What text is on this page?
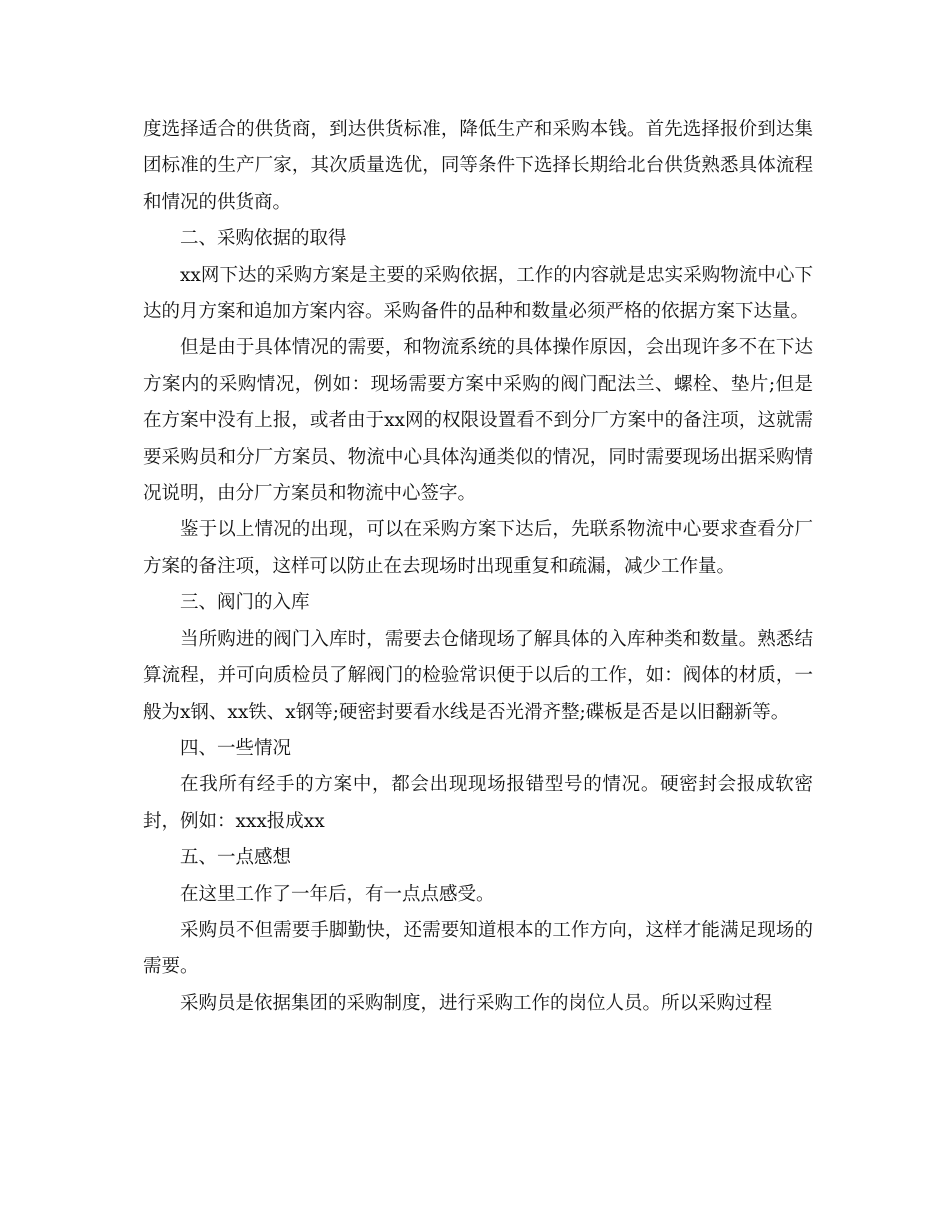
度选择适合的供货商，到达供货标准，降低生产和采购本钱。首先选择报价到达集团标准的生产厂家，其次质量选优，同等条件下选择长期给北台供货熟悉具体流程和情况的供货商。

二、采购依据的取得

xx网下达的采购方案是主要的采购依据，工作的内容就是忠实采购物流中心下达的月方案和追加方案内容。采购备件的品种和数量必须严格的依据方案下达量。

但是由于具体情况的需要，和物流系统的具体操作原因，会出现许多不在下达方案内的采购情况，例如：现场需要方案中采购的阀门配法兰、螺栓、垫片;但是在方案中没有上报，或者由于xx网的权限设置看不到分厂方案中的备注项，这就需要采购员和分厂方案员、物流中心具体沟通类似的情况，同时需要现场出据采购情况说明，由分厂方案员和物流中心签字。

鉴于以上情况的出现，可以在采购方案下达后，先联系物流中心要求查看分厂方案的备注项，这样可以防止在去现场时出现重复和疏漏，减少工作量。

三、阀门的入库

当所购进的阀门入库时，需要去仓储现场了解具体的入库种类和数量。熟悉结算流程，并可向质检员了解阀门的检验常识便于以后的工作，如：阀体的材质，一般为x钢、xx铁、x钢等;硬密封要看水线是否光滑齐整;碟板是否是以旧翻新等。

四、一些情况

在我所有经手的方案中，都会出现现场报错型号的情况。硬密封会报成软密封，例如：xxx报成xx

五、一点感想

在这里工作了一年后，有一点点感受。

采购员不但需要手脚勤快，还需要知道根本的工作方向，这样才能满足现场的需要。

采购员是依据集团的采购制度，进行采购工作的岗位人员。所以采购过程
